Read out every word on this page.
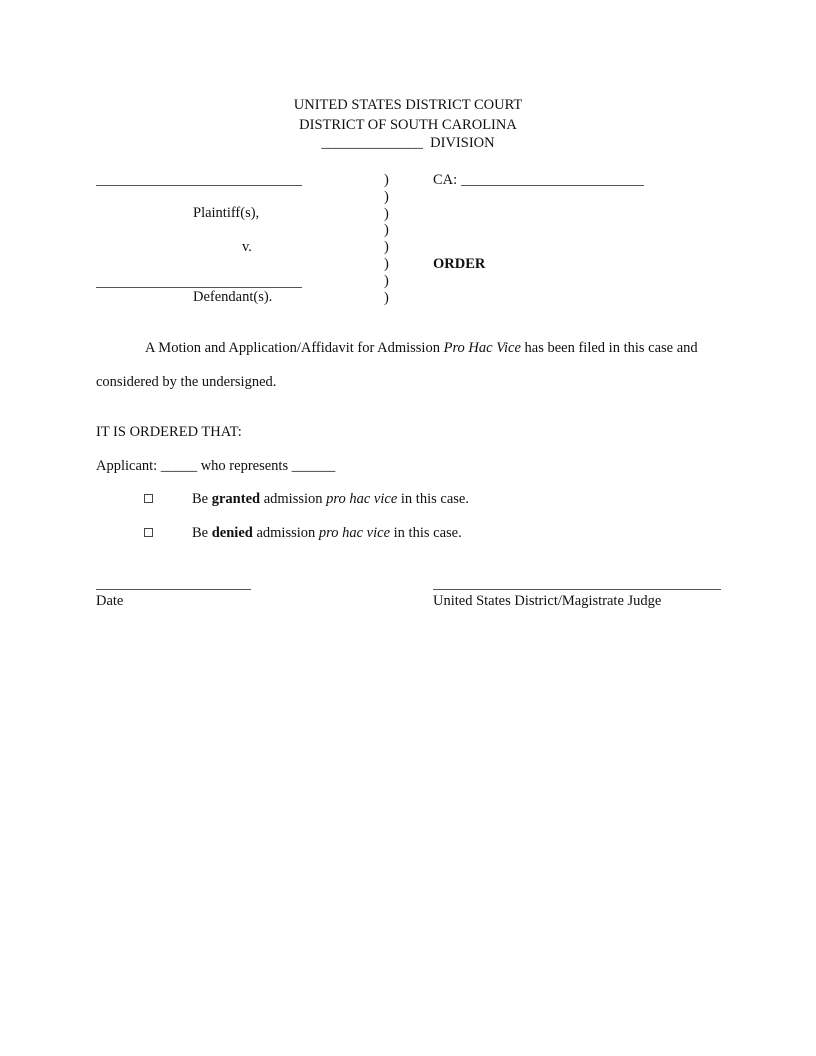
UNITED STATES DISTRICT COURT
DISTRICT OF SOUTH CAROLINA
______________ DIVISION
Plaintiff(s),
v.
Defendant(s).
)
)
)
)
)
)
)
)
CA:
ORDER
A Motion and Application/Affidavit for Admission Pro Hac Vice has been filed in this case and
considered by the undersigned.
IT IS ORDERED THAT:
Applicant: _____ who represents ______
Be granted admission pro hac vice in this case.
Be denied admission pro hac vice in this case.
Date	United States District/Magistrate Judge
